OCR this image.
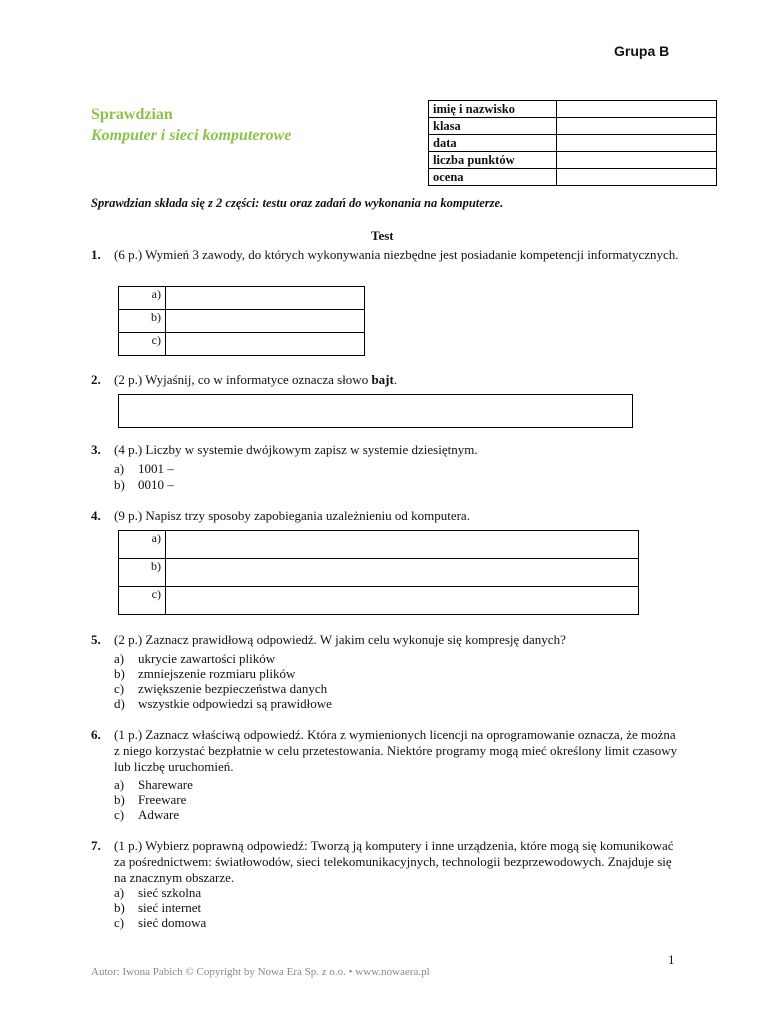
Grupa B
Sprawdzian
Komputer i sieci komputerowe
imię i nazwisko	
klasa	
data	
liczba punktów	
ocena	
Sprawdzian składa się z 2 części: testu oraz zadań do wykonania na komputerze.
Test
1. (6 p.) Wymień 3 zawody, do których wykonywania niezbędne jest posiadanie kompetencji informatycznych.
a)	
b)	
c)	
2. (2 p.) Wyjaśnij, co w informatyce oznacza słowo bajt.
3. (4 p.) Liczby w systemie dwójkowym zapisz w systemie dziesiętnym.
a) 1001 –
b) 0010 –
4. (9 p.) Napisz trzy sposoby zapobiegania uzależnieniu od komputera.
a)	
b)	
c)	
5. (2 p.) Zaznacz prawidłową odpowiedź. W jakim celu wykonuje się kompresję danych?
a) ukrycie zawartości plików
b) zmniejszenie rozmiaru plików
c) zwiększenie bezpieczeństwa danych
d) wszystkie odpowiedzi są prawidłowe
6. (1 p.) Zaznacz właściwą odpowiedź. Która z wymienionych licencji na oprogramowanie oznacza, że można z niego korzystać bezpłatnie w celu przetestowania. Niektóre programy mogą mieć określony limit czasowy lub liczbę uruchomień.
a) Shareware
b) Freeware
c) Adware
7. (1 p.) Wybierz poprawną odpowiedź: Tworzą ją komputery i inne urządzenia, które mogą się komunikować za pośrednictwem: światłowodów, sieci telekomunikacyjnych, technologii bezprzewodowych. Znajduje się na znacznym obszarze.
a) sieć szkolna
b) sieć internet
c) sieć domowa
1
Autor: Iwona Pabich © Copyright by Nowa Era Sp. z o.o. • www.nowaera.pl
